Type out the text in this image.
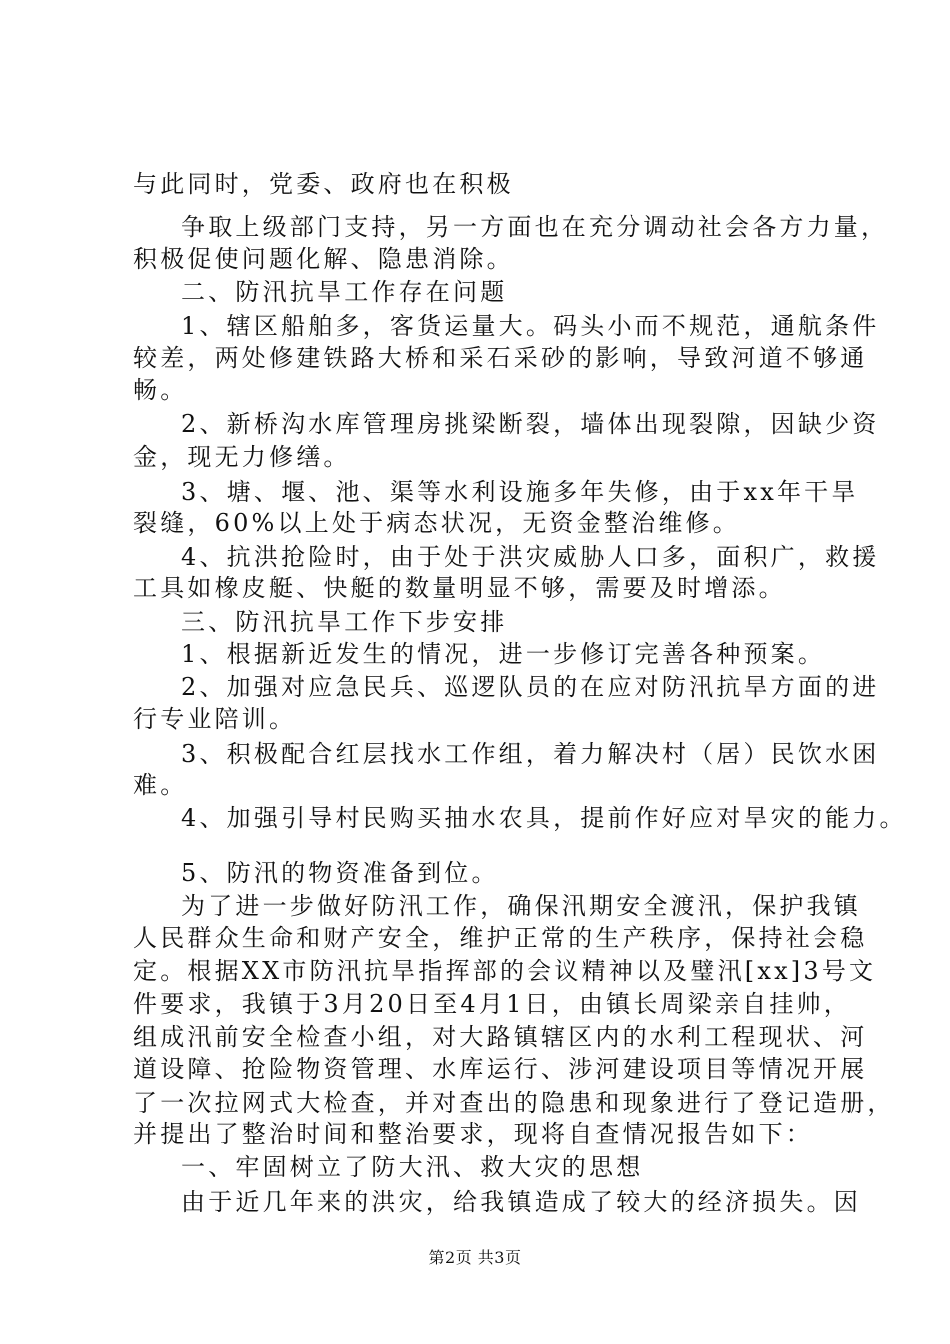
与此同时，党委、政府也在积极
争取上级部门支持，另一方面也在充分调动社会各方力量，
积极促使问题化解、隐患消除。
二、防汛抗旱工作存在问题
1、辖区船舶多，客货运量大。码头小而不规范，通航条件
较差，两处修建铁路大桥和采石采砂的影响，导致河道不够通
畅。
2、新桥沟水库管理房挑梁断裂，墙体出现裂隙，因缺少资
金，现无力修缮。
3、塘、堰、池、渠等水利设施多年失修，由于xx年干旱
裂缝，60%以上处于病态状况，无资金整治维修。
4、抗洪抢险时，由于处于洪灾威胁人口多，面积广，救援
工具如橡皮艇、快艇的数量明显不够，需要及时增添。
三、防汛抗旱工作下步安排
1、根据新近发生的情况，进一步修订完善各种预案。
2、加强对应急民兵、巡逻队员的在应对防汛抗旱方面的进
行专业陪训。
3、积极配合红层找水工作组，着力解决村（居）民饮水困
难。
4、加强引导村民购买抽水农具，提前作好应对旱灾的能力。
5、防汛的物资准备到位。
为了进一步做好防汛工作，确保汛期安全渡汛，保护我镇
人民群众生命和财产安全，维护正常的生产秩序，保持社会稳
定。根据XX市防汛抗旱指挥部的会议精神以及璧汛[xx]3号文
件要求，我镇于3月20日至4月1日，由镇长周梁亲自挂帅，
组成汛前安全检查小组，对大路镇辖区内的水利工程现状、河
道设障、抢险物资管理、水库运行、涉河建设项目等情况开展
了一次拉网式大检查，并对查出的隐患和现象进行了登记造册，
并提出了整治时间和整治要求，现将自查情况报告如下：
一、牢固树立了防大汛、救大灾的思想
由于近几年来的洪灾，给我镇造成了较大的经济损失。因
第2页 共3页
